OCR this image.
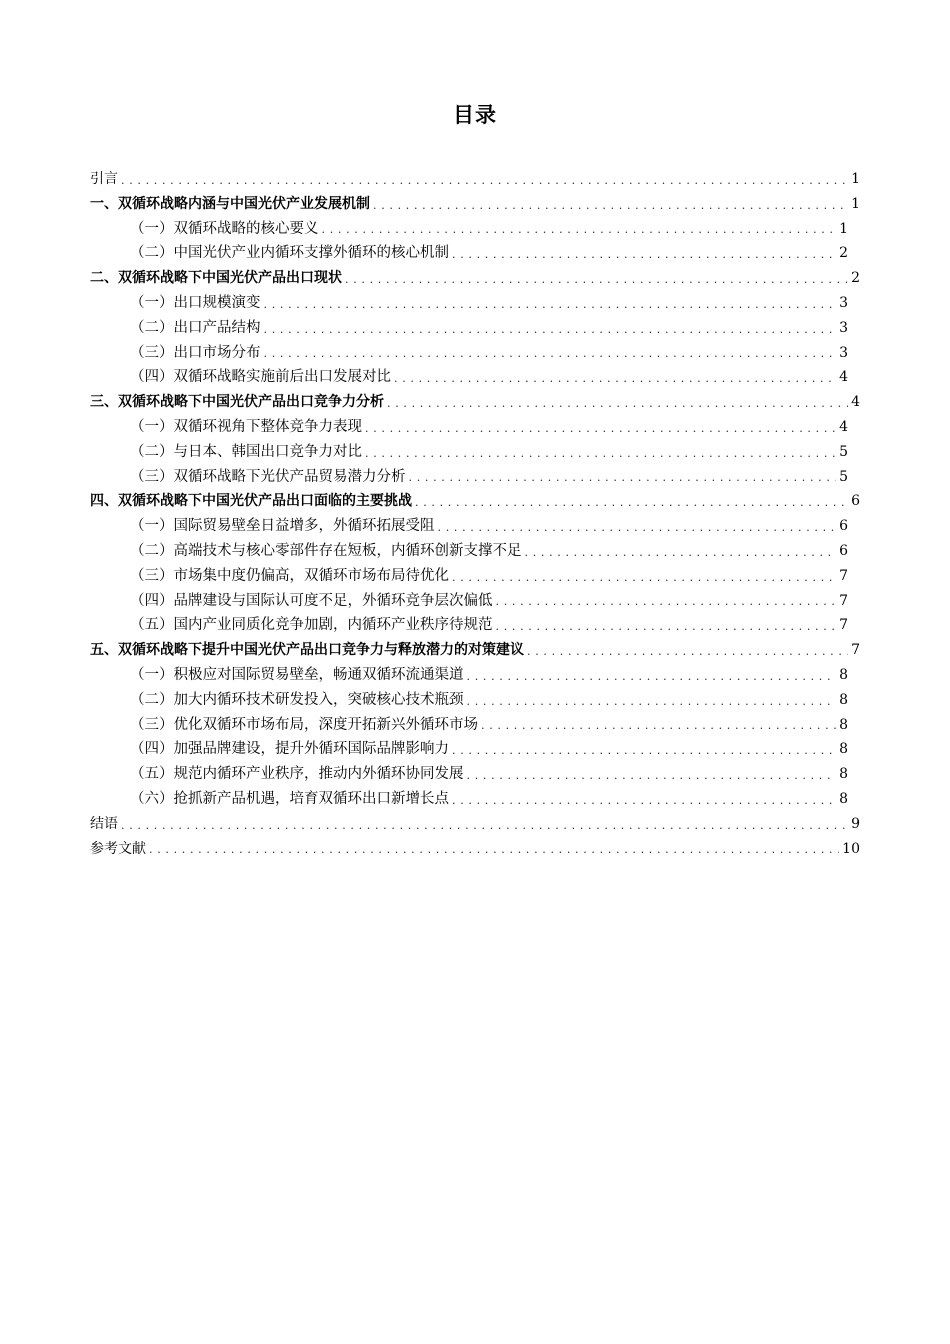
目录
引言 . . .	1
一、双循环战略内涵与中国光伏产业发展机制 . . .	1
（一）双循环战略的核心要义 . . .	1
（二）中国光伏产业内循环支撑外循环的核心机制 . . .	2
二、双循环战略下中国光伏产品出口现状 . . .	2
（一）出口规模演变 . . .	3
（二）出口产品结构 . . .	3
（三）出口市场分布 . . .	3
（四）双循环战略实施前后出口发展对比 . . .	4
三、双循环战略下中国光伏产品出口竞争力分析 . . .	4
（一）双循环视角下整体竞争力表现 . . .	4
（二）与日本、韩国出口竞争力对比 . . .	5
（三）双循环战略下光伏产品贸易潜力分析 . . .	5
四、双循环战略下中国光伏产品出口面临的主要挑战 . . .	6
（一）国际贸易壁垒日益增多，外循环拓展受阻 . . .	6
（二）高端技术与核心零部件存在短板，内循环创新支撑不足 . . .	6
（三）市场集中度仍偏高，双循环市场布局待优化 . . .	7
（四）品牌建设与国际认可度不足，外循环竞争层次偏低 . . .	7
（五）国内产业同质化竞争加剧，内循环产业秩序待规范 . . .	7
五、双循环战略下提升中国光伏产品出口竞争力与释放潜力的对策建议 . . .	7
（一）积极应对国际贸易壁垒，畅通双循环流通渠道 . . .	8
（二）加大内循环技术研发投入，突破核心技术瓶颈 . . .	8
（三）优化双循环市场布局，深度开拓新兴外循环市场 . . .	8
（四）加强品牌建设，提升外循环国际品牌影响力 . . .	8
（五）规范内循环产业秩序，推动内外循环协同发展 . . .	8
（六）抢抓新产品机遇，培育双循环出口新增长点 . . .	8
结语 . . .	9
参考文献 . . .	10
